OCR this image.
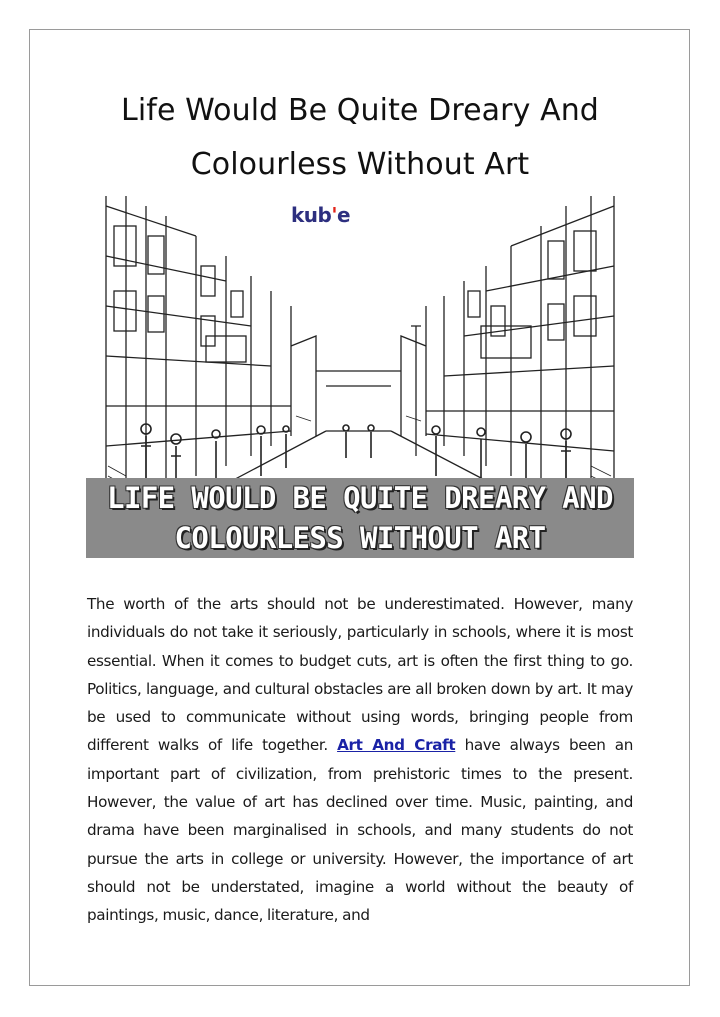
Life Would Be Quite Dreary And
Colourless Without Art
kub'e
LIFE WOULD BE QUITE DREARY AND
COLOURLESS WITHOUT ART

The worth of the arts should not be underestimated. However, many individuals do not take it seriously, particularly in schools, where it is most essential. When it comes to budget cuts, art is often the first thing to go. Politics, language, and cultural obstacles are all broken down by art. It may be used to communicate without using words, bringing people from different walks of life together. Art And Craft have always been an important part of civilization, from prehistoric times to the present. However, the value of art has declined over time. Music, painting, and drama have been marginalised in schools, and many students do not pursue the arts in college or university. However, the importance of art should not be understated, imagine a world without the beauty of paintings, music, dance, literature, and
